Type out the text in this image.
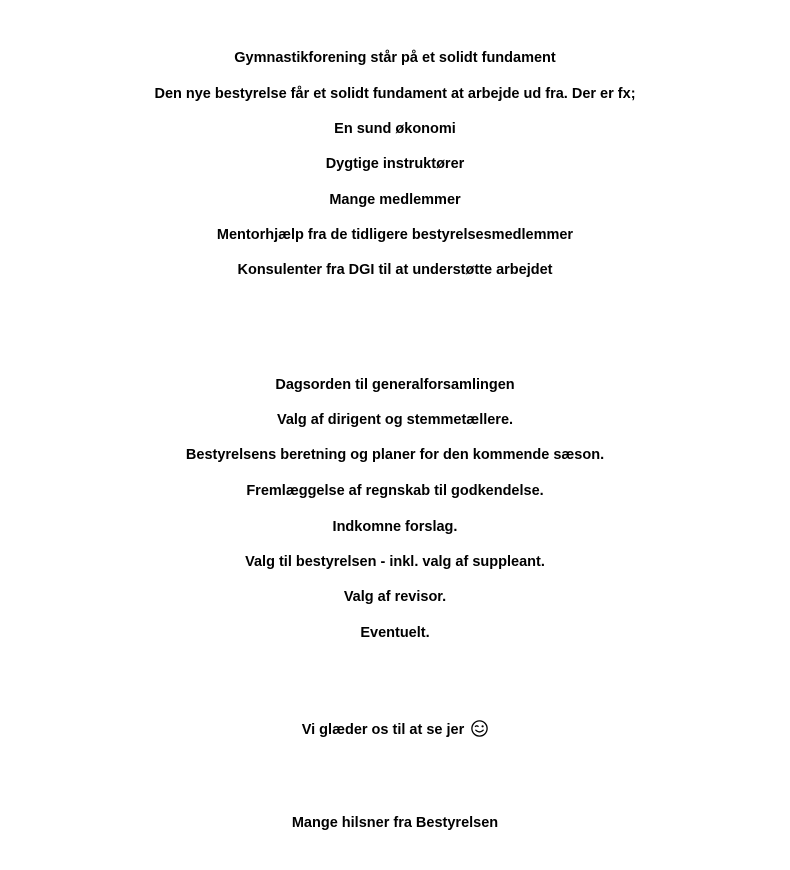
Gymnastikforening står på et solidt fundament
Den nye bestyrelse får et solidt fundament at arbejde ud fra. Der er fx;
En sund økonomi
Dygtige instruktører
Mange medlemmer
Mentorhjælp fra de tidligere bestyrelsesmedlemmer
Konsulenter fra DGI til at understøtte arbejdet
Dagsorden til generalforsamlingen
Valg af dirigent og stemmetællere.
Bestyrelsens beretning og planer for den kommende sæson.
Fremlæggelse af regnskab til godkendelse.
Indkomne forslag.
Valg til bestyrelsen - inkl. valg af suppleant.
Valg af revisor.
Eventuelt.
Vi glæder os til at se jer
Mange hilsner fra Bestyrelsen
